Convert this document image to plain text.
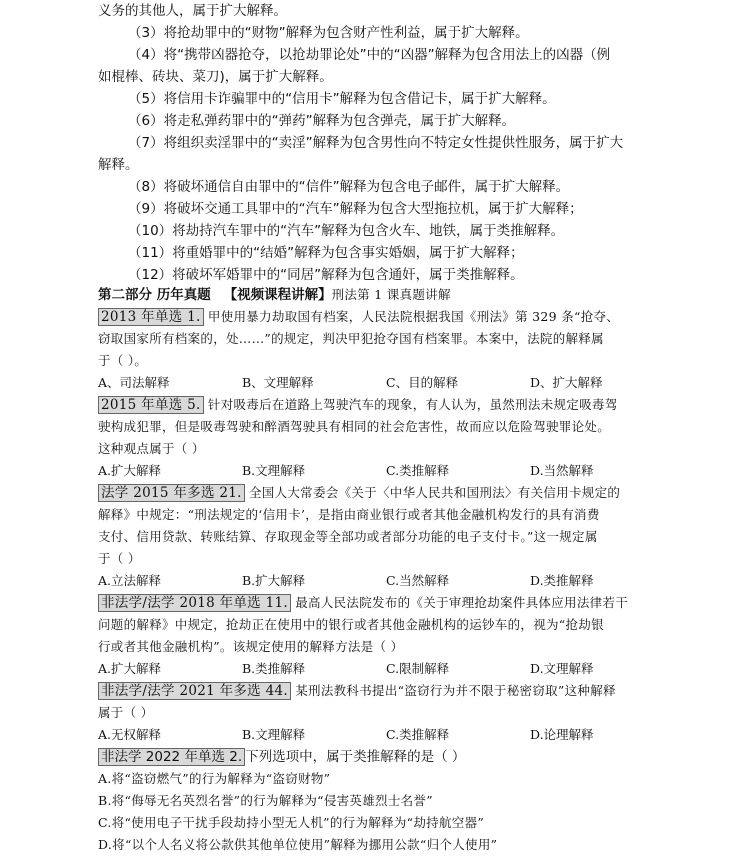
义务的其他人，属于扩大解释。
（3）将抢劫罪中的“财物”解释为包含财产性利益，属于扩大解释。
（4）将“携带凶器抢夺，以抢劫罪论处”中的“凶器”解释为包含用法上的凶器（例
如棍棒、砖块、菜刀)，属于扩大解释。
（5）将信用卡诈骗罪中的“信用卡”解释为包含借记卡，属于扩大解释。
（6）将走私弹药罪中的“弹药”解释为包含弹壳，属于扩大解释。
（7）将组织卖淫罪中的“卖淫”解释为包含男性向不特定女性提供性服务，属于扩大
解释。
（8）将破坏通信自由罪中的“信件”解释为包含电子邮件，属于扩大解释。
（9）将破坏交通工具罪中的“汽车”解释为包含大型拖拉机，属于扩大解释；
（10）将劫持汽车罪中的“汽车”解释为包含火车、地铁，属于类推解释。
（11）将重婚罪中的“结婚”解释为包含事实婚姻，属于扩大解释；
（12）将破坏军婚罪中的“同居”解释为包含通奸，属于类推解释。
第二部分 历年真题 【视频课程讲解】刑法第 1 课真题讲解
2013 年单选 1. 甲使用暴力劫取国有档案，人民法院根据我国《刑法》第 329 条“抢夺、
窃取国家所有档案的，处……”的规定，判决甲犯抢夺国有档案罪。本案中，法院的解释属
于（ ）。
A、司法解释	B、文理解释	C、目的解释	D、扩大解释
2015 年单选 5. 针对吸毒后在道路上驾驶汽车的现象，有人认为，虽然刑法未规定吸毒驾
驶构成犯罪，但是吸毒驾驶和醉酒驾驶具有相同的社会危害性，故而应以危险驾驶罪论处。
这种观点属于（ ）
A.扩大解释	B.文理解释	C.类推解释	D.当然解释
法学 2015 年多选 21. 全国人大常委会《关于〈中华人民共和国刑法〉有关信用卡规定的
解释》中规定：“刑法规定的‘信用卡’，是指由商业银行或者其他金融机构发行的具有消费
支付、信用贷款、转账结算、存取现金等全部功或者部分功能的电子支付卡。”这一规定属
于（ ）
A.立法解释	B.扩大解释	C.当然解释	D.类推解释
非法学/法学 2018 年单选 11. 最高人民法院发布的《关于审理抢劫案件具体应用法律若干
问题的解释》中规定，抢劫正在使用中的银行或者其他金融机构的运钞车的，视为“抢劫银
行或者其他金融机构”。该规定使用的解释方法是（ ）
A.扩大解释	B.类推解释	C.限制解释	D.文理解释
非法学/法学 2021 年多选 44. 某刑法教科书提出“盗窃行为并不限于秘密窃取”这种解释
属于（ ）
A.无权解释	B.文理解释	C.类推解释	D.论理解释
非法学 2022 年单选 2. 下列选项中，属于类推解释的是（ ）
A.将“盗窃燃气”的行为解释为“盗窃财物”
B.将“侮辱无名英烈名誉”的行为解释为“侵害英雄烈士名誉”
C.将“使用电子干扰手段劫持小型无人机”的行为解释为“劫持航空器”
D.将“以个人名义将公款供其他单位使用”解释为挪用公款“归个人使用”
